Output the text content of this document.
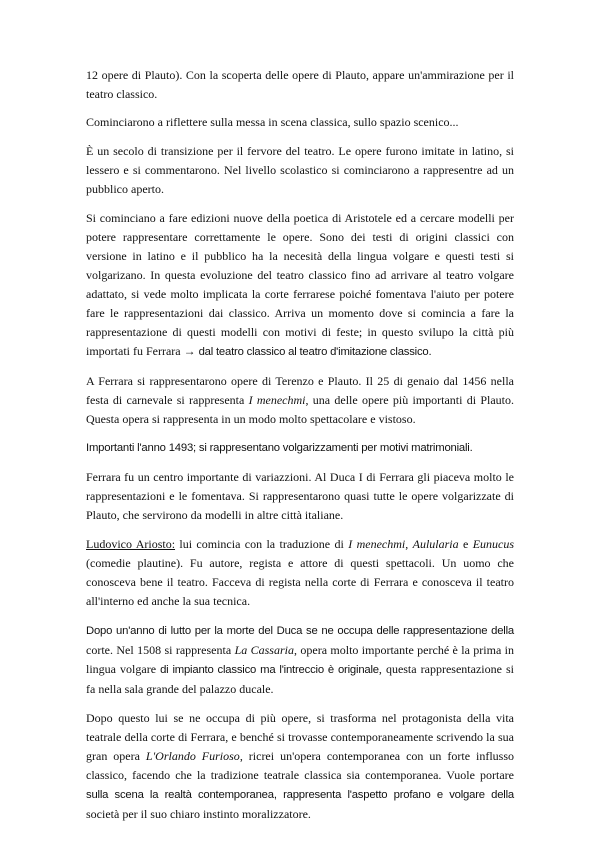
12 opere di Plauto). Con la scoperta delle opere di Plauto, appare un'ammirazione per il teatro classico.

Cominciarono a riflettere sulla messa in scena classica, sullo spazio scenico...

È un secolo di transizione per il fervore del teatro. Le opere furono imitate in latino, si lessero e si commentarono. Nel livello scolastico si cominciarono a rappresentre ad un pubblico aperto.

Si cominciano a fare edizioni nuove della poetica di Aristotele ed a cercare modelli per potere rappresentare correttamente le opere. Sono dei testi di origini classici con versione in latino e il pubblico ha la necesità della lingua volgare e questi testi si volgarizano. In questa evoluzione del teatro classico fino ad arrivare al teatro volgare adattato, si vede molto implicata la corte ferrarese poiché fomentava l'aiuto per potere fare le rappresentazioni dai classico. Arriva un momento dove si comincia a fare la rappresentazione di questi modelli con motivi di feste; in questo svilupo la città più importati fu Ferrara → dal teatro classico al teatro d'imitazione classico.

A Ferrara si rappresentarono opere di Terenzo e Plauto. Il 25 di genaio dal 1456 nella festa di carnevale si rappresenta I menechmi, una delle opere più importanti di Plauto. Questa opera si rappresenta in un modo molto spettacolare e vistoso.

Importanti l'anno 1493; si rappresentano volgarizzamenti per motivi matrimoniali.

Ferrara fu un centro importante di variazzioni. Al Duca I di Ferrara gli piaceva molto le rappresentazioni e le fomentava. Si rappresentarono quasi tutte le opere volgarizzate di Plauto, che servirono da modelli in altre città italiane.

Ludovico Ariosto: lui comincia con la traduzione di I menechmi, Aulularia e Eunucus (comedie plautine). Fu autore, regista e attore di questi spettacoli. Un uomo che conosceva bene il teatro. Facceva di regista nella corte di Ferrara e conosceva il teatro all'interno ed anche la sua tecnica.

Dopo un'anno di lutto per la morte del Duca se ne occupa delle rappresentazione della corte. Nel 1508 si rappresenta La Cassaria, opera molto importante perché è la prima in lingua volgare di impianto classico ma l'intreccio è originale, questa rappresentazione si fa nella sala grande del palazzo ducale.

Dopo questo lui se ne occupa di più opere, si trasforma nel protagonista della vita teatrale della corte di Ferrara, e benché si trovasse contemporaneamente scrivendo la sua gran opera L'Orlando Furioso, ricrei un'opera contemporanea con un forte influsso classico, facendo che la tradizione teatrale classica sia contemporanea. Vuole portare sulla scena la realtà contemporanea, rappresenta l'aspetto profano e volgare della società per il suo chiaro instinto moralizzatore.
